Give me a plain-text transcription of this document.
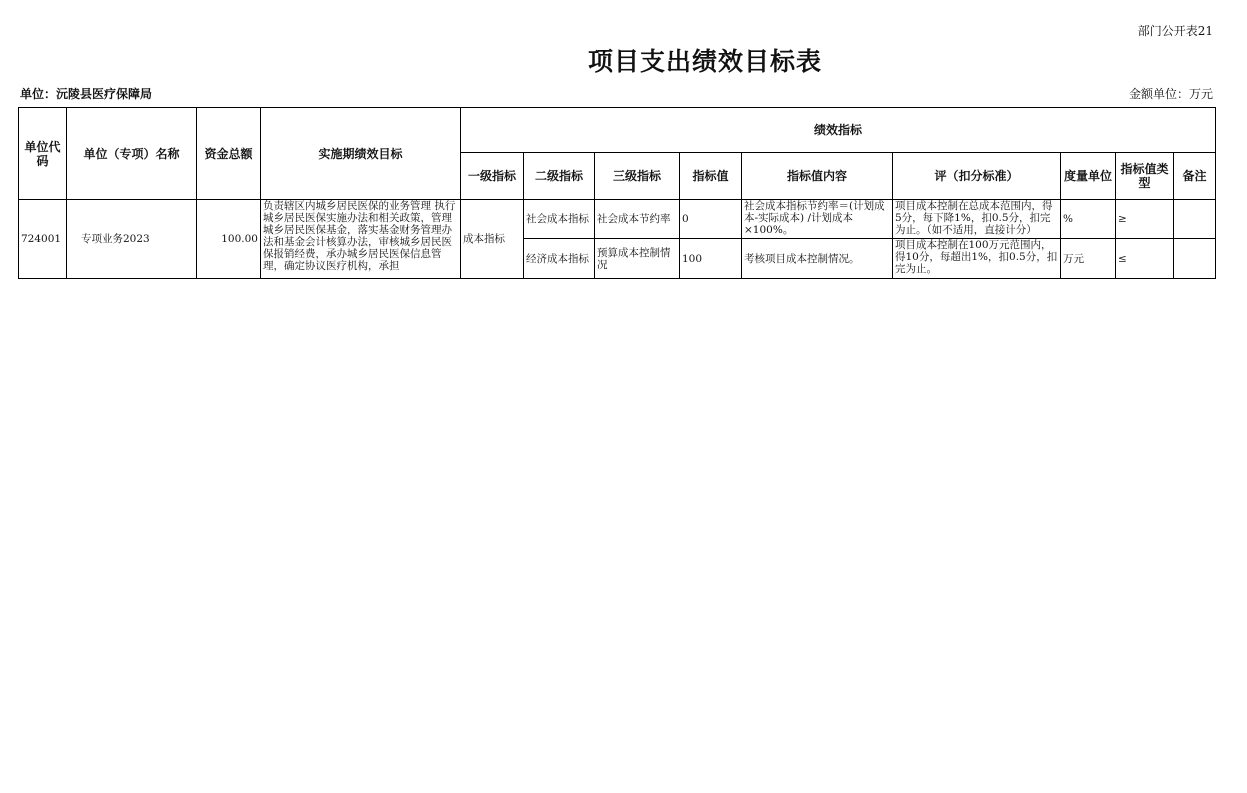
部门公开表21
项目支出绩效目标表
单位：沅陵县医疗保障局	金额单位：万元
单位代码	单位（专项）名称	资金总额	实施期绩效目标	绩效指标								
				一级指标	二级指标	三级指标	指标值	指标值内容	评（扣分标准）	度量单位	指标值类型	备注
724001	专项业务2023	100.00	负责辖区内城乡居民医保的业务管理 执行城乡居民医保实施办法和相关政策，管理城乡居民医保基金，落实基金财务管理办法和基金会计核算办法，审核城乡居民医保报销经费，承办城乡居民医保信息管理，确定协议医疗机构，承担	成本指标	社会成本指标	社会成本节约率	0	社会成本指标节约率＝(计划成本-实际成本) /计划成本×100%。	项目成本控制在总成本范围内，得5分，每下降1%，扣0.5分，扣完为止。（如不适用，直接计分）	%	≥	
					经济成本指标	预算成本控制情况	100	考核项目成本控制情况。	项目成本控制在100万元范围内，得10分，每超出1%，扣0.5分，扣完为止。	万元	≤	
